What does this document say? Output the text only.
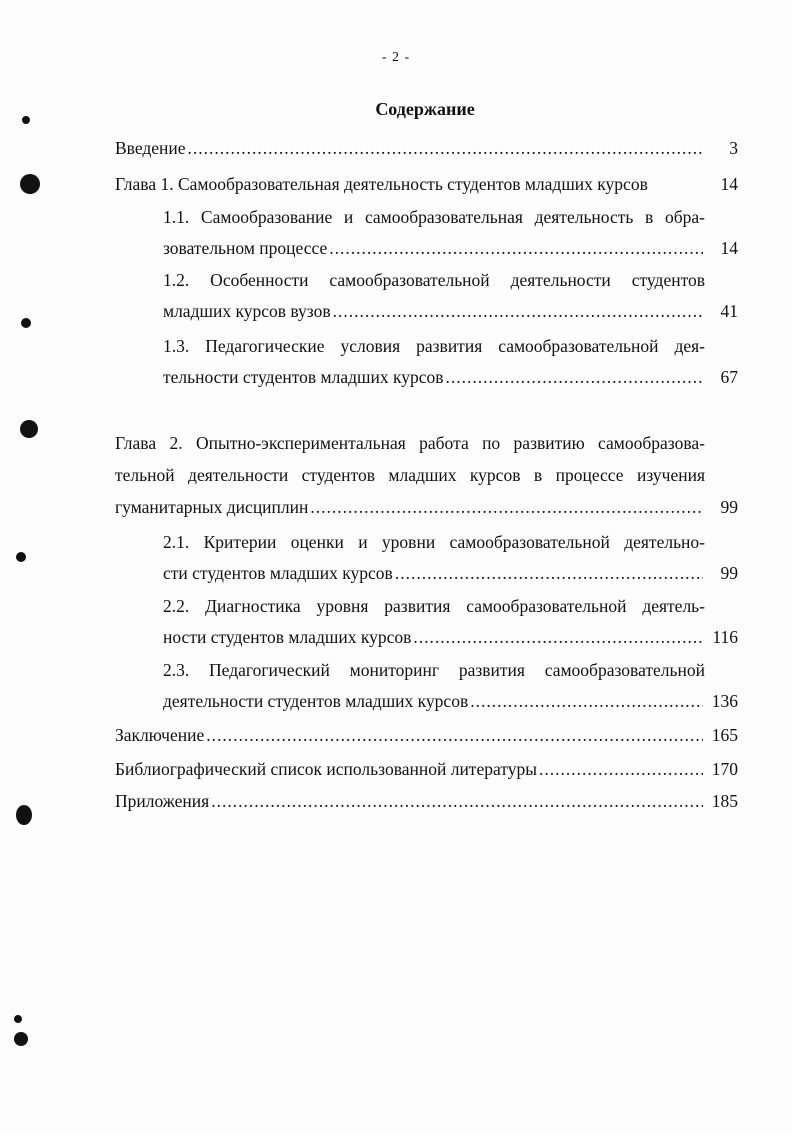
- 2 -
Содержание
Введение .....	3
Глава 1. Самообразовательная деятельность студентов младших курсов	14
1.1. Самообразование и самообразовательная деятельность в обра-
зовательном процессе .....	14
1.2. Особенности самообразовательной деятельности студентов
младших курсов вузов .....	41
1.3. Педагогические условия развития самообразовательной дея-
тельности студентов младших курсов .....	67
Глава 2. Опытно-экспериментальная работа по развитию самообразова-
тельной деятельности студентов младших курсов в процессе изучения
гуманитарных дисциплин .....	99
2.1. Критерии оценки и уровни самообразовательной деятельно-
сти студентов младших курсов .....	99
2.2. Диагностика уровня развития самообразовательной деятель-
ности студентов младших курсов .....	116
2.3. Педагогический мониторинг развития самообразовательной
деятельности студентов младших курсов .....	136
Заключение .....	165
Библиографический список использованной литературы .....	170
Приложения .....	185
